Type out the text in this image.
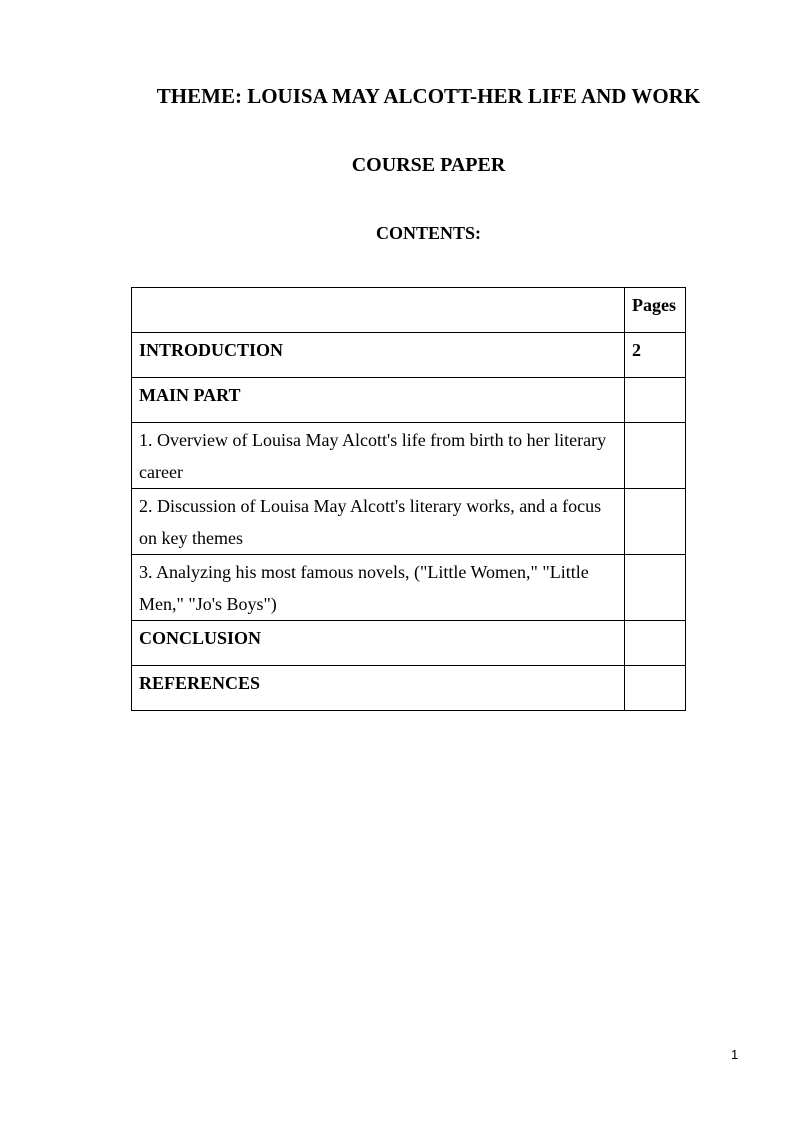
THEME: LOUISA MAY ALCOTT-HER LIFE AND WORK
COURSE PAPER
CONTENTS:
	Pages
INTRODUCTION	2
MAIN PART	
1. Overview of Louisa May Alcott's life from birth to her literary career	
2. Discussion of Louisa May Alcott's literary works, and a focus on key themes	
3. Analyzing his most famous novels, ("Little Women," "Little Men," "Jo's Boys")	
CONCLUSION	
REFERENCES	
1
